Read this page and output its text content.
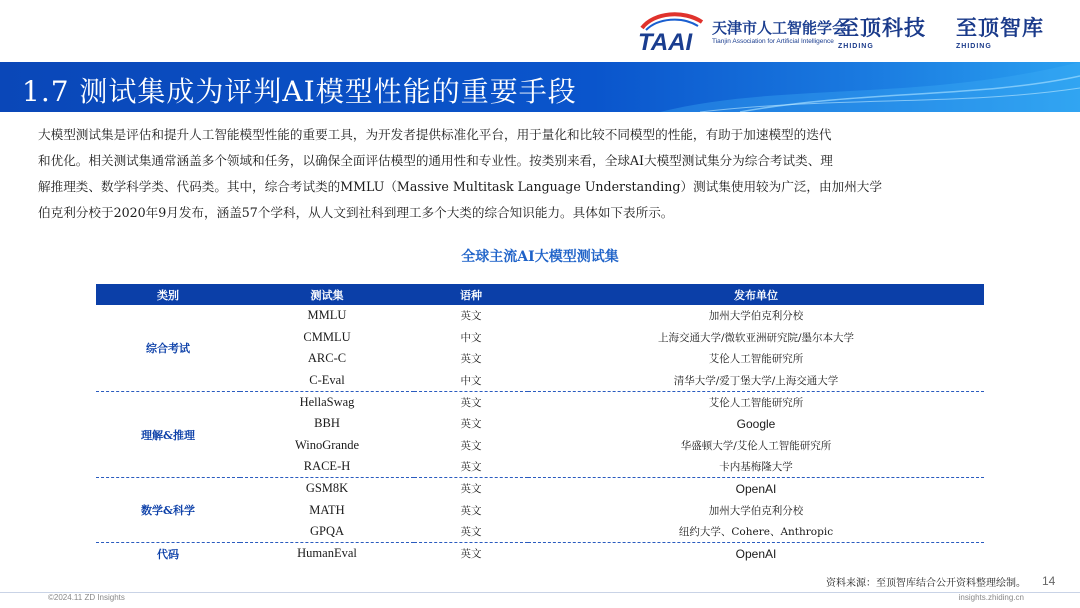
TAAI
天津市人工智能学会
Tianjin Association for Artificial Intelligence
至顶科技
ZHIDING
至顶智库
ZHIDING
1.7 测试集成为评判AI模型性能的重要手段
大模型测试集是评估和提升人工智能模型性能的重要工具，为开发者提供标准化平台，用于量化和比较不同模型的性能，有助于加速模型的迭代
和优化。相关测试集通常涵盖多个领域和任务，以确保全面评估模型的通用性和专业性。按类别来看，全球AI大模型测试集分为综合考试类、理
解推理类、数学科学类、代码类。其中，综合考试类的MMLU（Massive Multitask Language Understanding）测试集使用较为广泛，由加州大学
伯克利分校于2020年9月发布，涵盖57个学科，从人文到社科到理工多个大类的综合知识能力。具体如下表所示。
全球主流AI大模型测试集
类别	测试集	语种	发布单位
综合考试	MMLU	英文	加州大学伯克利分校
	CMMLU	中文	上海交通大学/微软亚洲研究院/墨尔本大学
	ARC-C	英文	艾伦人工智能研究所
	C-Eval	中文	清华大学/爱丁堡大学/上海交通大学
理解&推理	HellaSwag	英文	艾伦人工智能研究所
	BBH	英文	Google
	WinoGrande	英文	华盛顿大学/艾伦人工智能研究所
	RACE-H	英文	卡内基梅隆大学
数学&科学	GSM8K	英文	OpenAI
	MATH	英文	加州大学伯克利分校
	GPQA	英文	纽约大学、Cohere、Anthropic
代码	HumanEval	英文	OpenAI
资料来源：至顶智库结合公开资料整理绘制。 14
©2024.11 ZD Insights	insights.zhiding.cn
